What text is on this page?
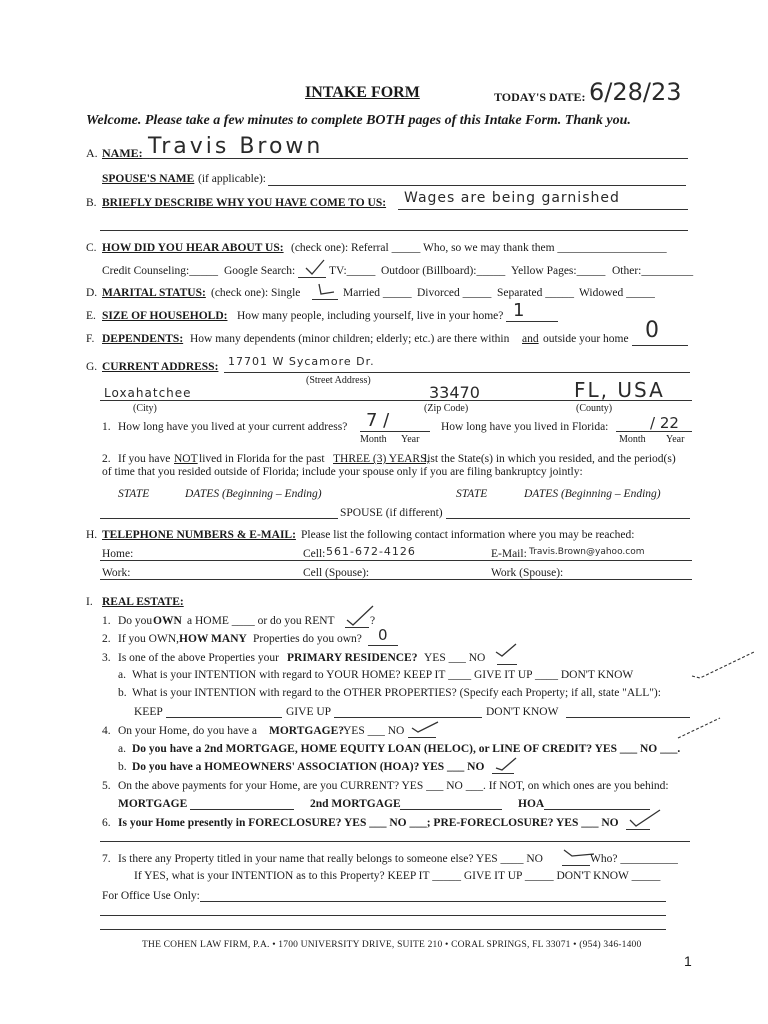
INTAKE FORM	TODAY'S DATE: 6/28/23
Welcome. Please take a few minutes to complete BOTH pages of this Intake Form. Thank you.
A. NAME: Travis Brown
SPOUSE'S NAME (if applicable):
B. BRIEFLY DESCRIBE WHY YOU HAVE COME TO US: Wages are being garnished
C. HOW DID YOU HEAR ABOUT US: (check one): Referral _____ Who, so we may thank them ___________________
Credit Counseling:_____ Google Search:	TV:_____ Outdoor (Billboard):_____ Yellow Pages:_____ Other:_________
D. MARITAL STATUS: (check one): Single	Married _____ Divorced _____ Separated _____ Widowed _____
E. SIZE OF HOUSEHOLD: How many people, including yourself, live in your home? 1
F. DEPENDENTS: How many dependents (minor children; elderly; etc.) are there within and outside your home 0
G. CURRENT ADDRESS: 17701 W Sycamore Dr.
(Street Address)
Loxahatchee
(City)
33470
(Zip Code)
FL, USA
(County)
1. How long have you lived at your current address? 7 /
Month Year
How long have you lived in Florida:	/ 22
Month Year
2. If you have NOT lived in Florida for the past THREE (3) YEARS,
list the State(s) in which you resided, and the period(s)
of time that you resided outside of Florida; include your spouse only if you are filing bankruptcy jointly:
STATE	DATES (Beginning – Ending)	STATE	DATES (Beginning – Ending)
SPOUSE (if different)
H. TELEPHONE NUMBERS & E-MAIL: Please list the following contact information where you may be reached:
Home:	Cell: 561-672-4126	E-Mail: Travis.Brown@yahoo.com
Work:	Cell (Spouse):	Work (Spouse):
I. REAL ESTATE:
1. Do you OWN a HOME ____ or do you RENT	?
2. If you OWN, HOW MANY Properties do you own? 0
3. Is one of the above Properties your PRIMARY RESIDENCE? YES ___ NO
a. What is your INTENTION with regard to YOUR HOME? KEEP IT ____ GIVE IT UP ____ DON'T KNOW
b. What is your INTENTION with regard to the OTHER PROPERTIES? (Specify each Property; if all, state "ALL"):
KEEP	GIVE UP	DON'T KNOW
4. On your Home, do you have a MORTGAGE? YES ___ NO
a. Do you have a 2nd MORTGAGE, HOME EQUITY LOAN (HELOC), or LINE OF CREDIT? YES ___ NO ___.
b. Do you have a HOMEOWNERS' ASSOCIATION (HOA)? YES ___ NO
5. On the above payments for your Home, are you CURRENT? YES ___ NO ___. If NOT, on which ones are you behind:
MORTGAGE	2nd MORTGAGE	HOA
6. Is your Home presently in FORECLOSURE? YES ___ NO ___; PRE-FORECLOSURE? YES ___ NO
7. Is there any Property titled in your name that really belongs to someone else? YES ____ NO	Who? __________
If YES, what is your INTENTION as to this Property? KEEP IT _____ GIVE IT UP _____ DON'T KNOW _____
For Office Use Only:
THE COHEN LAW FIRM, P.A. • 1700 UNIVERSITY DRIVE, SUITE 210 • CORAL SPRINGS, FL 33071 • (954) 346-1400
1
